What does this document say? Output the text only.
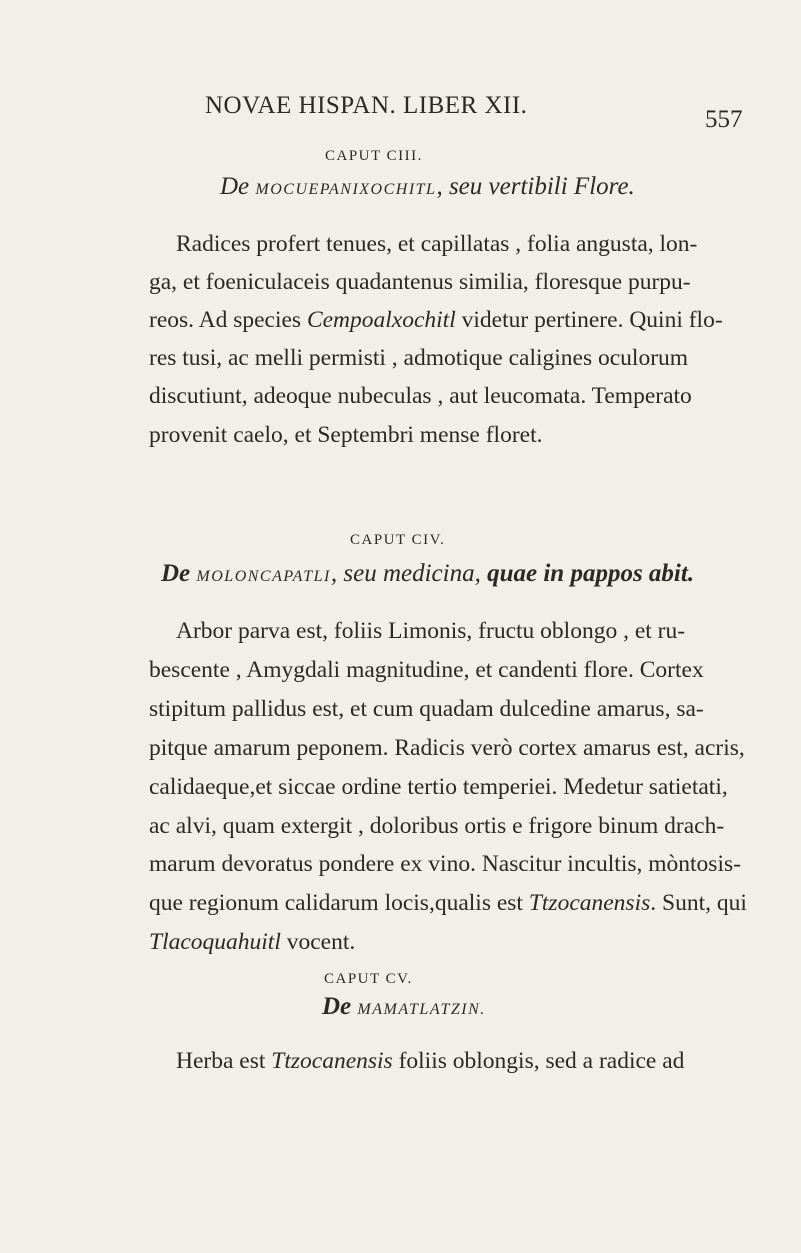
NOVAE HISPAN. LIBER XII.
557
CAPUT CIII.
De MOCUEPANIXOCHITL, seu vertibili Flore.
Radices profert tenues, et capillatas , folia angusta, lon-
ga, et foeniculaceis quadantenus similia, floresque purpu-
reos. Ad species Cempoalxochitl videtur pertinere. Quini flo-
res tusi, ac melli permisti , admotique caligines oculorum
discutiunt, adeoque nubeculas , aut leucomata. Temperato
provenit caelo, et Septembri mense floret.
CAPUT CIV.
De MOLONCAPATLI, seu medicina, quae in pappos abit.
Arbor parva est, foliis Limonis, fructu oblongo , et ru-
bescente , Amygdali magnitudine, et candenti flore. Cortex
stipitum pallidus est, et cum quadam dulcedine amarus, sa-
pitque amarum peponem. Radicis verò cortex amarus est, acris,
calidaeque,et siccae ordine tertio temperiei. Medetur satietati,
ac alvi, quam extergit , doloribus ortis e frigore binum drach-
marum devoratus pondere ex vino. Nascitur incultis, mòntosis-
que regionum calidarum locis,qualis est Ttzocanensis. Sunt, qui
Tlacoquahuitl vocent.
CAPUT CV.
De MAMATLATZIN.
Herba est Ttzocanensis foliis oblongis, sed a radice ad
